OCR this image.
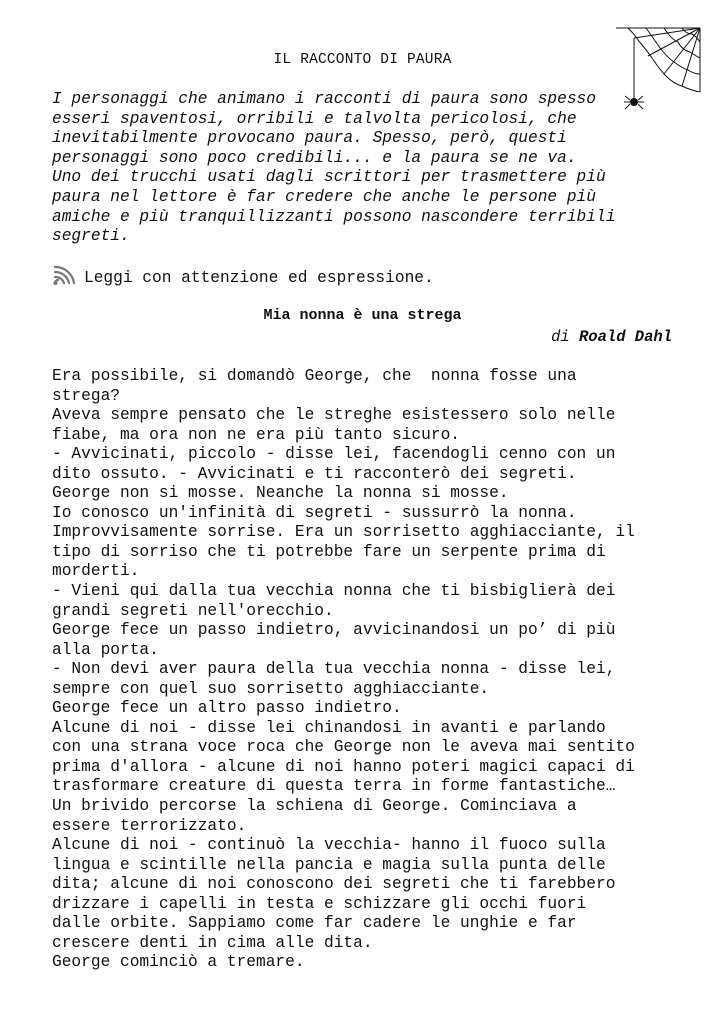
IL RACCONTO DI PAURA
I personaggi che animano i racconti di paura sono spesso
esseri spaventosi, orribili e talvolta pericolosi, che
inevitabilmente provocano paura. Spesso, però, questi
personaggi sono poco credibili... e la paura se ne va.
Uno dei trucchi usati dagli scrittori per trasmettere più
paura nel lettore è far credere che anche le persone più
amiche e più tranquillizzanti possono nascondere terribili
segreti.

Leggi con attenzione ed espressione.

Mia nonna è una strega
di Roald Dahl
Era possibile, si domandò George, che  nonna fosse una
strega?
Aveva sempre pensato che le streghe esistessero solo nelle
fiabe, ma ora non ne era più tanto sicuro.
- Avvicinati, piccolo - disse lei, facendogli cenno con un
dito ossuto. - Avvicinati e ti racconterò dei segreti.
George non si mosse. Neanche la nonna si mosse.
Io conosco un'infinità di segreti - sussurrò la nonna.
Improvvisamente sorrise. Era un sorrisetto agghiacciante, il
tipo di sorriso che ti potrebbe fare un serpente prima di
morderti.
- Vieni qui dalla tua vecchia nonna che ti bisbiglierà dei
grandi segreti nell'orecchio.
George fece un passo indietro, avvicinandosi un po’ di più
alla porta.
- Non devi aver paura della tua vecchia nonna - disse lei,
sempre con quel suo sorrisetto agghiacciante.
George fece un altro passo indietro.
Alcune di noi - disse lei chinandosi in avanti e parlando
con una strana voce roca che George non le aveva mai sentito
prima d'allora - alcune di noi hanno poteri magici capaci di
trasformare creature di questa terra in forme fantastiche…
Un brivido percorse la schiena di George. Cominciava a
essere terrorizzato.
Alcune di noi - continuò la vecchia- hanno il fuoco sulla
lingua e scintille nella pancia e magia sulla punta delle
dita; alcune di noi conoscono dei segreti che ti farebbero
drizzare i capelli in testa e schizzare gli occhi fuori
dalle orbite. Sappiamo come far cadere le unghie e far
crescere denti in cima alle dita.
George cominciò a tremare.
